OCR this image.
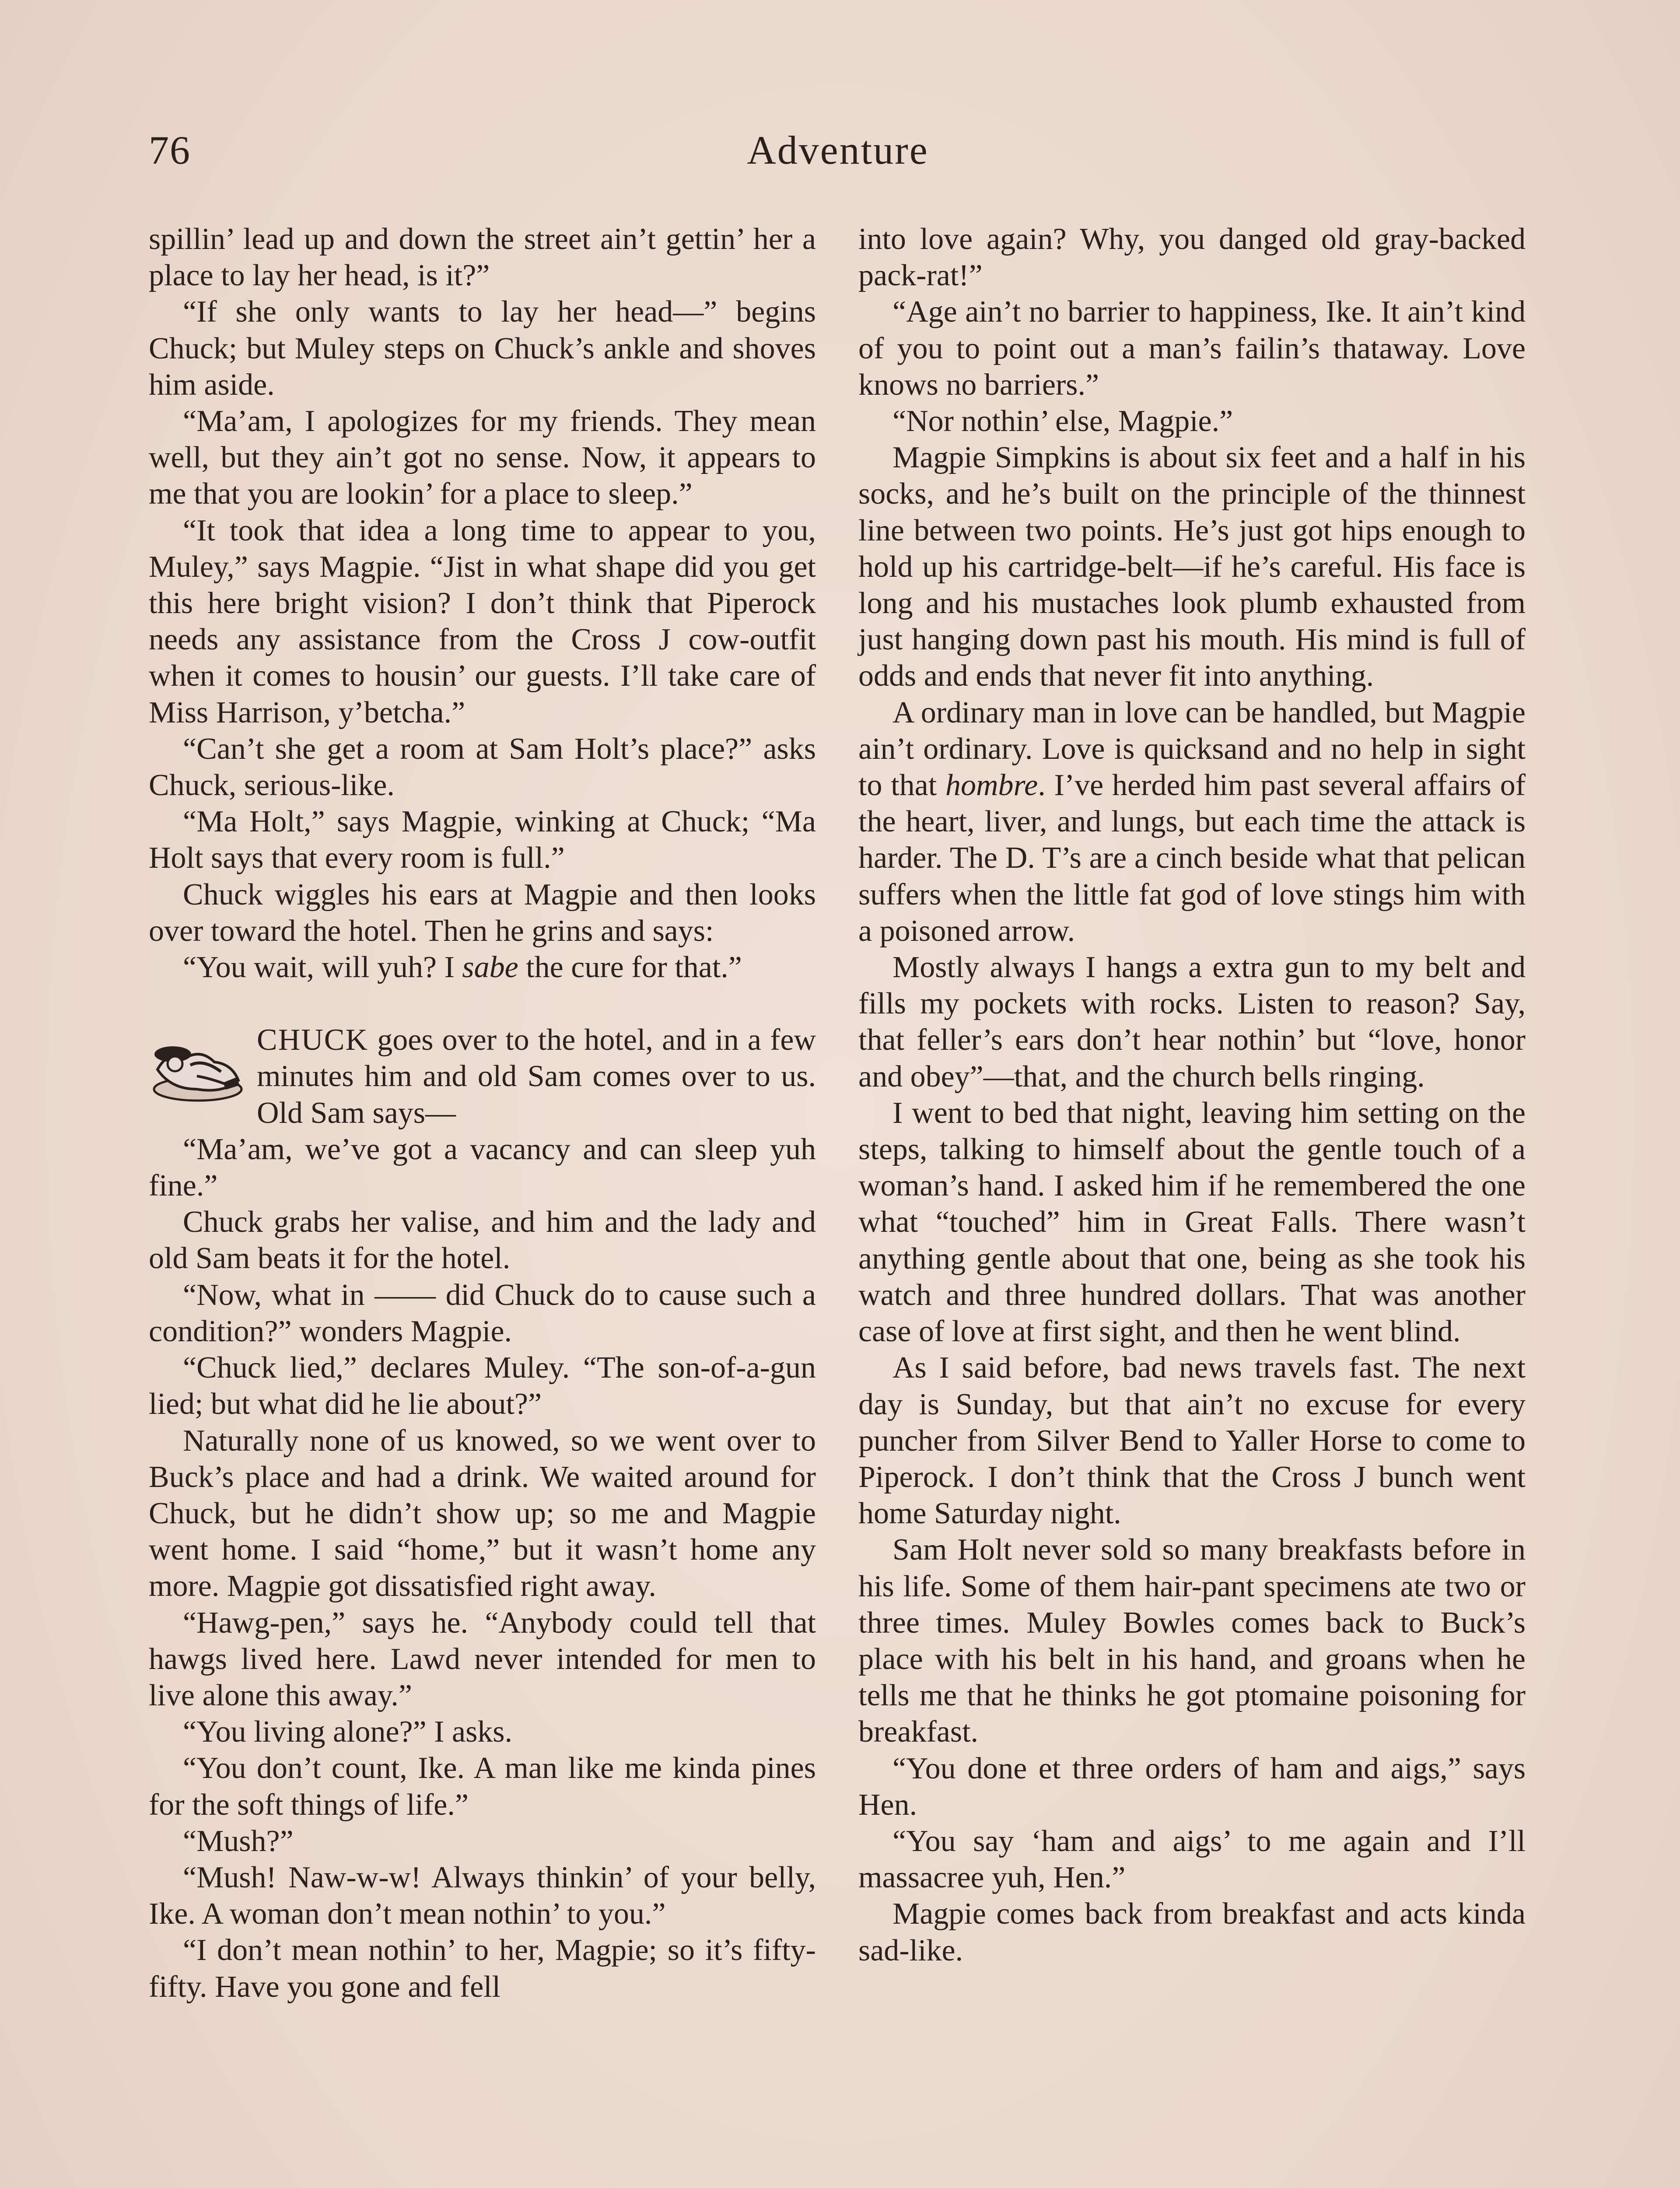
76	Adventure

spillin’ lead up and down the street ain’t gettin’ her a place to lay her head, is it?”

“If she only wants to lay her head—” begins Chuck; but Muley steps on Chuck’s ankle and shoves him aside.

“Ma’am, I apologizes for my friends. They mean well, but they ain’t got no sense. Now, it appears to me that you are lookin’ for a place to sleep.”

“It took that idea a long time to appear to you, Muley,” says Magpie. “Jist in what shape did you get this here bright vision? I don’t think that Piperock needs any assistance from the Cross J cow-outfit when it comes to housin’ our guests. I’ll take care of Miss Harrison, y’betcha.”

“Can’t she get a room at Sam Holt’s place?” asks Chuck, serious-like.

“Ma Holt,” says Magpie, winking at Chuck; “Ma Holt says that every room is full.”

Chuck wiggles his ears at Magpie and then looks over toward the hotel. Then he grins and says:

“You wait, will yuh? I sabe the cure for that.”

CHUCK goes over to the hotel, and in a few minutes him and old Sam comes over to us. Old Sam says—

“Ma’am, we’ve got a vacancy and can sleep yuh fine.”

Chuck grabs her valise, and him and the lady and old Sam beats it for the hotel.

“Now, what in —— did Chuck do to cause such a condition?” wonders Magpie.

“Chuck lied,” declares Muley. “The son-of-a-gun lied; but what did he lie about?”

Naturally none of us knowed, so we went over to Buck’s place and had a drink. We waited around for Chuck, but he didn’t show up; so me and Magpie went home. I said “home,” but it wasn’t home any more. Magpie got dissatisfied right away.

“Hawg-pen,” says he. “Anybody could tell that hawgs lived here. Lawd never intended for men to live alone this away.”

“You living alone?” I asks.

“You don’t count, Ike. A man like me kinda pines for the soft things of life.”

“Mush?”

“Mush! Naw-w-w! Always thinkin’ of your belly, Ike. A woman don’t mean nothin’ to you.”

“I don’t mean nothin’ to her, Magpie; so it’s fifty-fifty. Have you gone and fell

into love again? Why, you danged old gray-backed pack-rat!”

“Age ain’t no barrier to happiness, Ike. It ain’t kind of you to point out a man’s failin’s thataway. Love knows no barriers.”

“Nor nothin’ else, Magpie.”

Magpie Simpkins is about six feet and a half in his socks, and he’s built on the principle of the thinnest line between two points. He’s just got hips enough to hold up his cartridge-belt—if he’s careful. His face is long and his mustaches look plumb exhausted from just hanging down past his mouth. His mind is full of odds and ends that never fit into anything.

A ordinary man in love can be handled, but Magpie ain’t ordinary. Love is quicksand and no help in sight to that hombre. I’ve herded him past several affairs of the heart, liver, and lungs, but each time the attack is harder. The D. T’s are a cinch beside what that pelican suffers when the little fat god of love stings him with a poisoned arrow.

Mostly always I hangs a extra gun to my belt and fills my pockets with rocks. Listen to reason? Say, that feller’s ears don’t hear nothin’ but “love, honor and obey”—that, and the church bells ringing.

I went to bed that night, leaving him setting on the steps, talking to himself about the gentle touch of a woman’s hand. I asked him if he remembered the one what “touched” him in Great Falls. There wasn’t anything gentle about that one, being as she took his watch and three hundred dollars. That was another case of love at first sight, and then he went blind.

As I said before, bad news travels fast. The next day is Sunday, but that ain’t no excuse for every puncher from Silver Bend to Yaller Horse to come to Piperock. I don’t think that the Cross J bunch went home Saturday night.

Sam Holt never sold so many breakfasts before in his life. Some of them hair-pant specimens ate two or three times. Muley Bowles comes back to Buck’s place with his belt in his hand, and groans when he tells me that he thinks he got ptomaine poisoning for breakfast.

“You done et three orders of ham and aigs,” says Hen.

“You say ‘ham and aigs’ to me again and I’ll massacree yuh, Hen.”

Magpie comes back from breakfast and acts kinda sad-like.
